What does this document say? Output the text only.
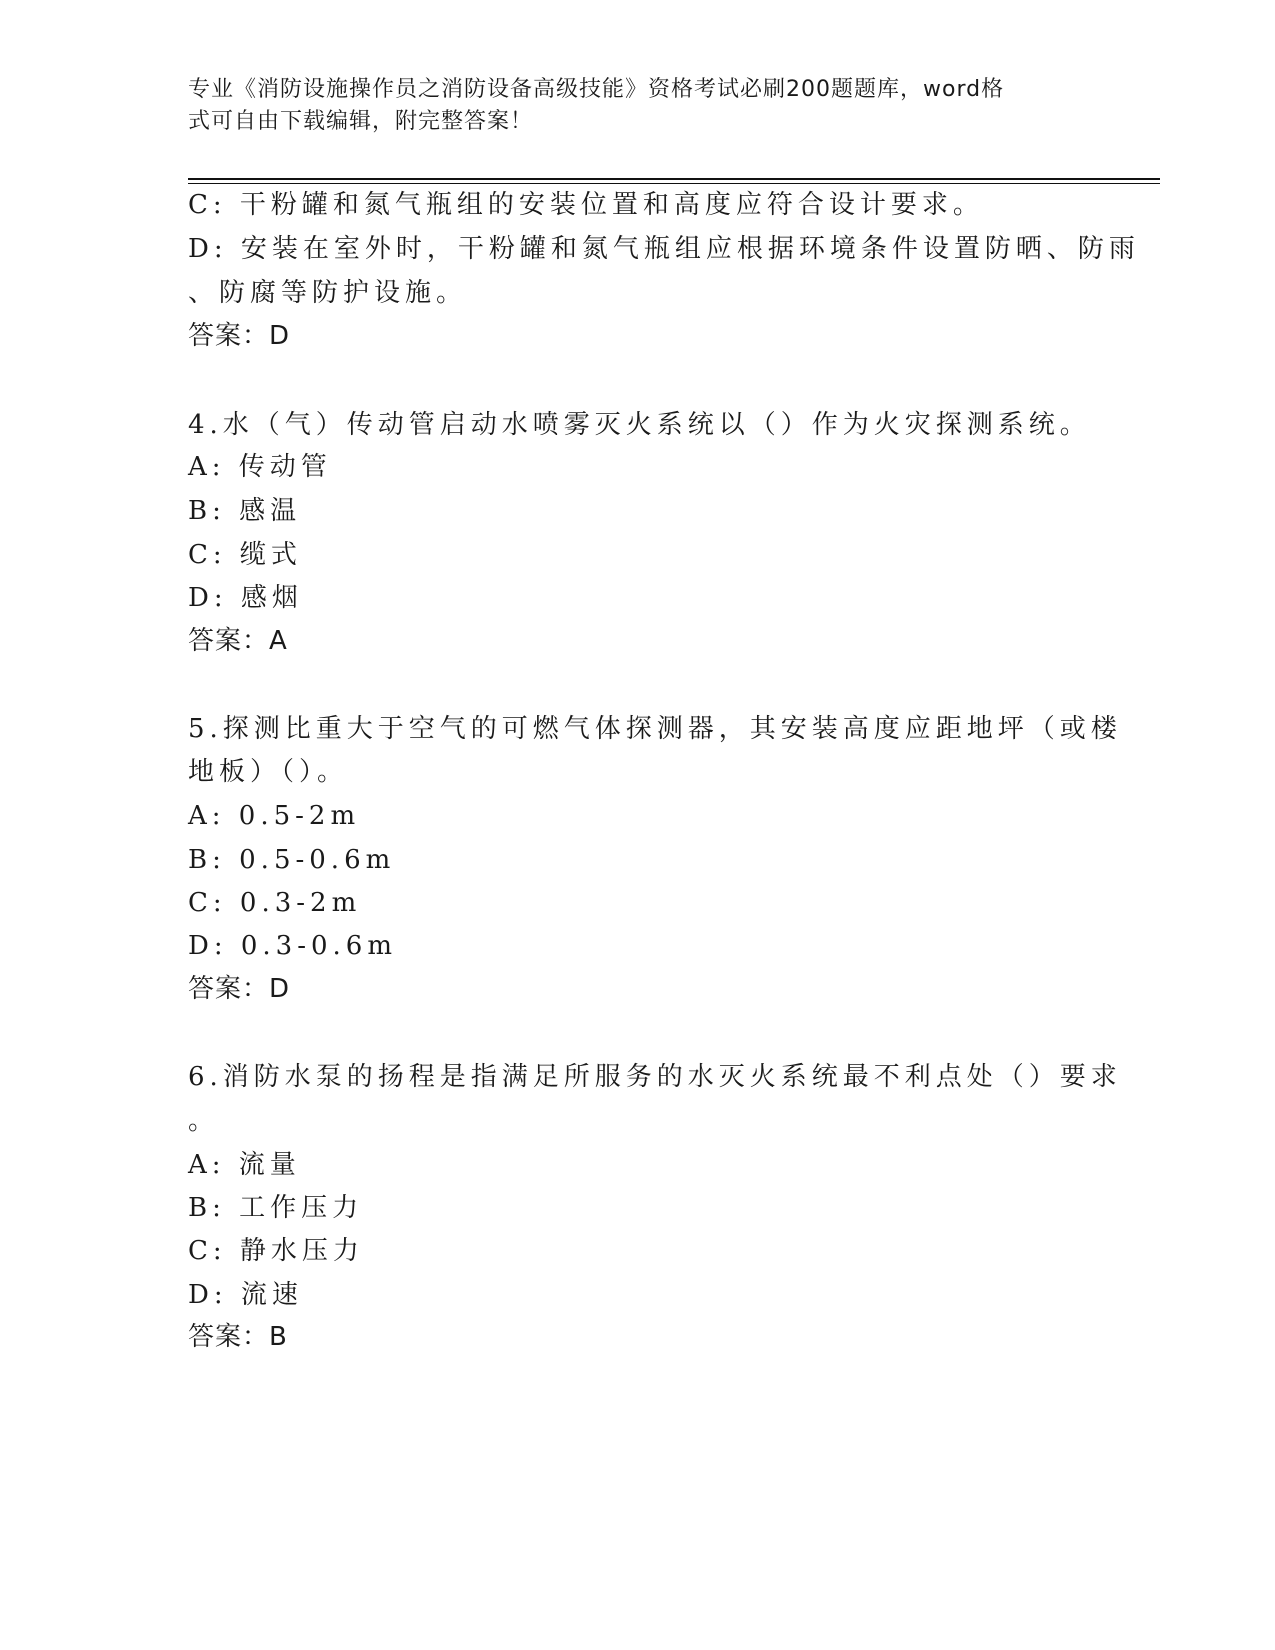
专业《消防设施操作员之消防设备高级技能》资格考试必刷200题题库，word格
式可自由下载编辑，附完整答案！
C: 干粉罐和氮气瓶组的安装位置和高度应符合设计要求。
D: 安装在室外时，干粉罐和氮气瓶组应根据环境条件设置防晒、防雨
、防腐等防护设施。
答案：D
4.水（气）传动管启动水喷雾灭火系统以（）作为火灾探测系统。
A: 传动管
B: 感温
C: 缆式
D: 感烟
答案：A
5.探测比重大于空气的可燃气体探测器，其安装高度应距地坪（或楼
地板）（）。
A: 0.5-2m
B: 0.5-0.6m
C: 0.3-2m
D: 0.3-0.6m
答案：D
6.消防水泵的扬程是指满足所服务的水灭火系统最不利点处（）要求
。
A: 流量
B: 工作压力
C: 静水压力
D: 流速
答案：B
